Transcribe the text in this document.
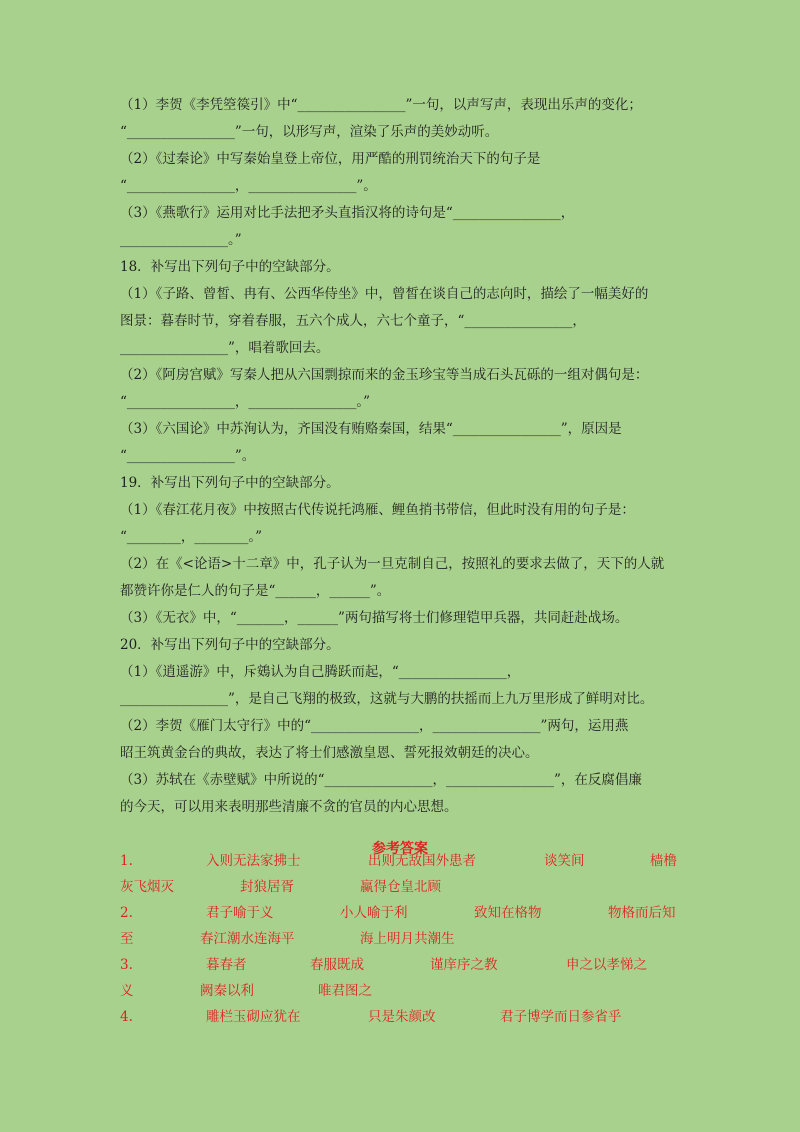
（1）李贺《李凭箜篌引》中“________________”一句，以声写声，表现出乐声的变化；
“________________”一句，以形写声，渲染了乐声的美妙动听。
（2）《过秦论》中写秦始皇登上帝位，用严酷的刑罚统治天下的句子是
“________________，________________”。
（3）《燕歌行》运用对比手法把矛头直指汉将的诗句是“________________，
________________。”
18．补写出下列句子中的空缺部分。
（1）《子路、曾皙、冉有、公西华侍坐》中，曾皙在谈自己的志向时，描绘了一幅美好的
图景：暮春时节，穿着春服，五六个成人，六七个童子，“________________，
________________”，唱着歌回去。
（2）《阿房宫赋》写秦人把从六国剽掠而来的金玉珍宝等当成石头瓦砾的一组对偶句是：
“________________，________________。”
（3）《六国论》中苏洵认为，齐国没有贿赂秦国，结果“________________”，原因是
“________________”。
19．补写出下列句子中的空缺部分。
（1）《春江花月夜》中按照古代传说托鸿雁、鲤鱼捎书带信，但此时没有用的句子是：
“________，________。”
（2）在《<论语>十二章》中，孔子认为一旦克制自己，按照礼的要求去做了，天下的人就
都赞许你是仁人的句子是“______，______”。
（3）《无衣》中，“_______，______”两句描写将士们修理铠甲兵器，共同赶赴战场。
20．补写出下列句子中的空缺部分。
（1）《逍遥游》中，斥鴳认为自己腾跃而起，“________________，
________________”，是自己飞翔的极致，这就与大鹏的扶摇而上九万里形成了鲜明对比。
（2）李贺《雁门太守行》中的“________________，________________”两句，运用燕
昭王筑黄金台的典故，表达了将士们感激皇恩、誓死报效朝廷的决心。
（3）苏轼在《赤壁赋》中所说的“________________，________________”，在反腐倡廉
的今天，可以用来表明那些清廉不贪的官员的内心思想。
参考答案
1.	入则无法家拂士	出则无敌国外患者	谈笑间	樯橹
灰飞烟灭	封狼居胥	赢得仓皇北顾
2.	君子喻于义	小人喻于利	致知在格物	物格而后知
至	春江潮水连海平	海上明月共潮生
3.	暮春者	春服既成	谨庠序之教	申之以孝悌之
义	阙秦以利	唯君图之
4.	雕栏玉砌应犹在	只是朱颜改	君子博学而日参省乎
